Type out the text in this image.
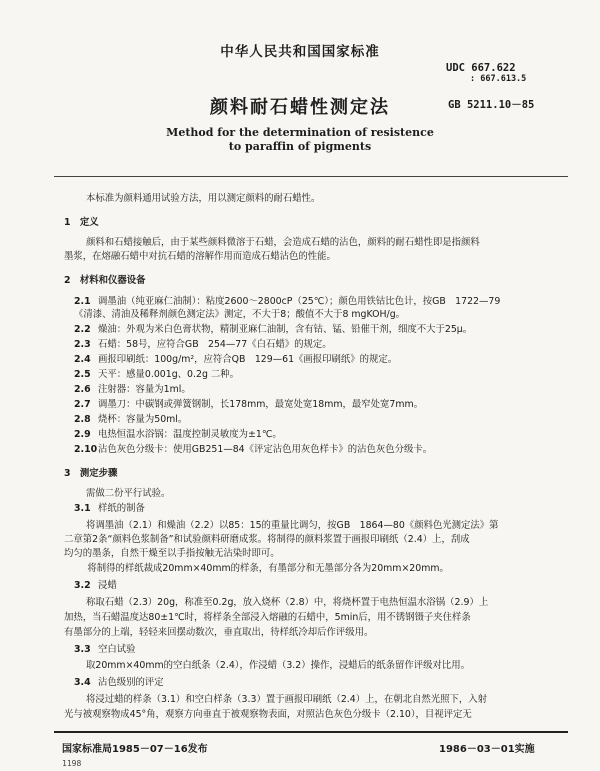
中华人民共和国国家标准
UDC 667.622
: 667.613.5
颜料耐石蜡性测定法	GB 5211.10－85
Method for the determination of resistence
to paraffin of pigments
本标准为颜料通用试验方法，用以测定颜料的耐石蜡性。
1　定义
颜料和石蜡接触后，由于某些颜料微溶于石蜡，会造成石蜡的沾色，颜料的耐石蜡性即是指颜料
墨浆，在熔融石蜡中对抗石蜡的溶解作用而造成石蜡沾色的性能。
2　材料和仪器设备
2.1 调墨油（纯亚麻仁油制）：粘度2600～2800cP（25℃）；颜色用铁钴比色计，按GB　1722—79
《清漆、清油及稀释剂颜色测定法》测定，不大于8；酸值不大于8 mgKOH/g。
2.2 燥油：外观为米白色膏状物，精制亚麻仁油制，含有钴、锰、铅催干剂，细度不大于25μ。
2.3 石蜡：58号，应符合GB　254—77《白石蜡》的规定。
2.4 画报印刷纸：100g/m²，应符合QB　129—61《画报印刷纸》的规定。
2.5 天平：感量0.001g、0.2g 二种。
2.6 注射器：容量为1ml。
2.7 调墨刀：中碳钢或弹簧钢制，长178mm，最宽处宽18mm，最窄处宽7mm。
2.8 烧杯：容量为50ml。
2.9 电热恒温水浴锅：温度控制灵敏度为±1℃。
2.10沾色灰色分级卡：使用GB251—84《评定沾色用灰色样卡》的沾色灰色分级卡。
3　测定步骤
需做二份平行试验。
3.1 样纸的制备
将调墨油（2.1）和燥油（2.2）以85：15的重量比调匀，按GB　1864—80《颜料色光测定法》第
二章第2条“颜料色浆制备”和试验颜料研磨成浆。将制得的颜料浆置于画报印刷纸（2.4）上，刮成
均匀的墨条，自然干燥至以手指按触无沾染时即可。
　将制得的样纸裁成20mm×40mm的样条，有墨部分和无墨部分各为20mm×20mm。
3.2 浸蜡
称取石蜡（2.3）20g，称准至0.2g，放入烧杯（2.8）中，将烧杯置于电热恒温水浴锅（2.9）上
加热，当石蜡温度达80±1℃时，将样条全部浸入熔融的石蜡中，5min后，用不锈钢镊子夹住样条
有墨部分的上端，轻轻来回摆动数次，垂直取出，待样纸冷却后作评级用。
3.3 空白试验
取20mm×40mm的空白纸条（2.4），作浸蜡（3.2）操作，浸蜡后的纸条留作评级对比用。
3.4 沾色级别的评定
将浸过蜡的样条（3.1）和空白样条（3.3）置于画报印刷纸（2.4）上，在朝北自然光照下，入射
光与被观察物成45°角，观察方向垂直于被观察物表面，对照沾色灰色分级卡（2.10），目视评定无
国家标准局1985－07－16发布	1986－03－01实施
1198
